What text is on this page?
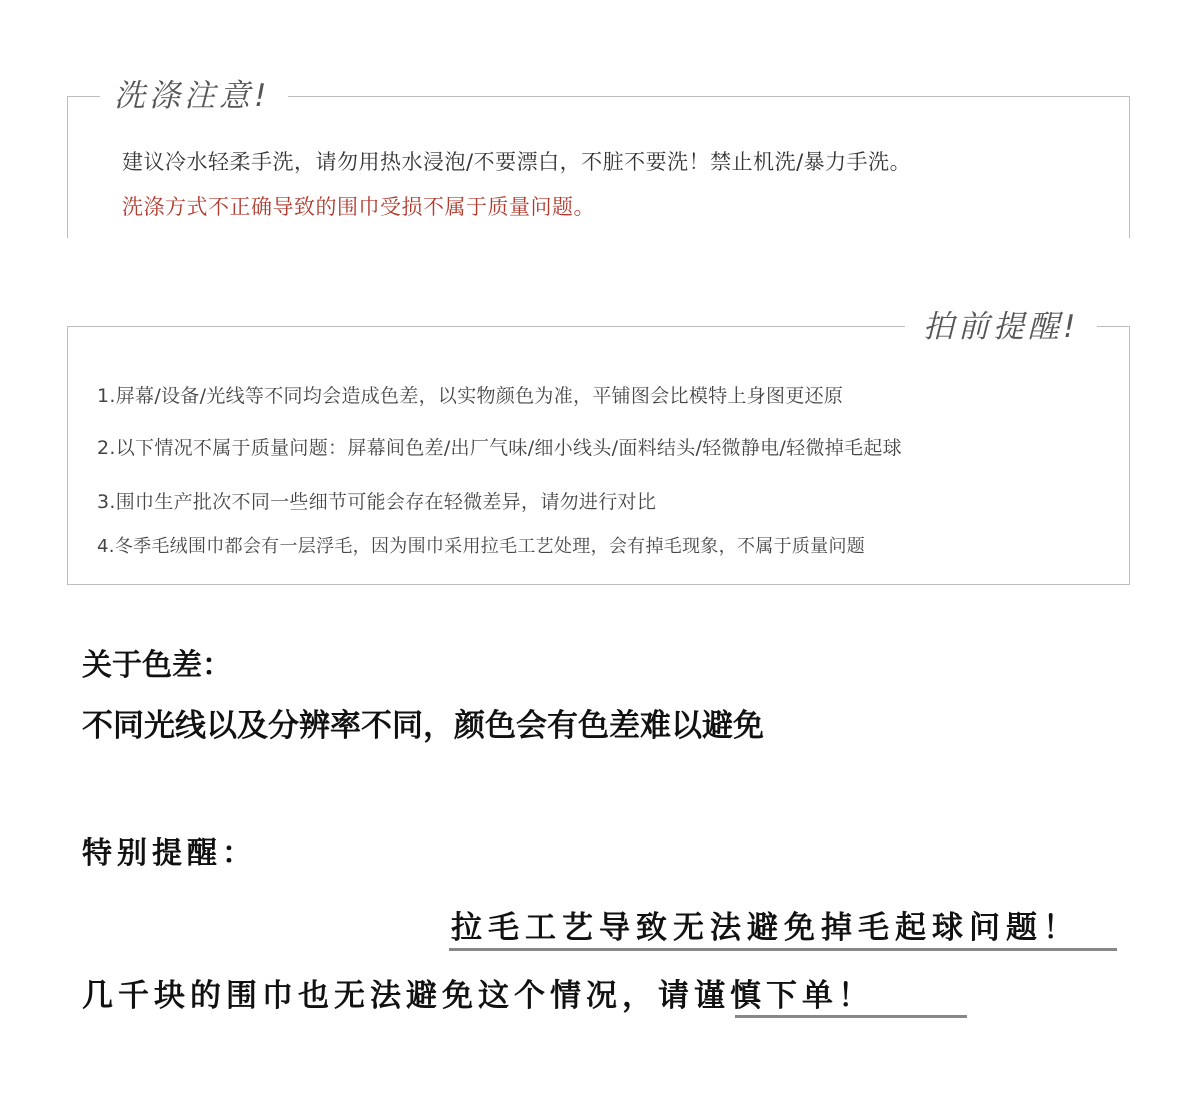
洗涤注意!
建议冷水轻柔手洗，请勿用热水浸泡/不要漂白，不脏不要洗！禁止机洗/暴力手洗。
洗涤方式不正确导致的围巾受损不属于质量问题。
拍前提醒!
1.屏幕/设备/光线等不同均会造成色差，以实物颜色为准，平铺图会比模特上身图更还原
2.以下情况不属于质量问题：屏幕间色差/出厂气味/细小线头/面料结头/轻微静电/轻微掉毛起球
3.围巾生产批次不同一些细节可能会存在轻微差异，请勿进行对比
4.冬季毛绒围巾都会有一层浮毛，因为围巾采用拉毛工艺处理，会有掉毛现象，不属于质量问题
关于色差：
不同光线以及分辨率不同，颜色会有色差难以避免
特别提醒：
拉毛工艺导致无法避免掉毛起球问题！
几千块的围巾也无法避免这个情况，请谨慎下单！
